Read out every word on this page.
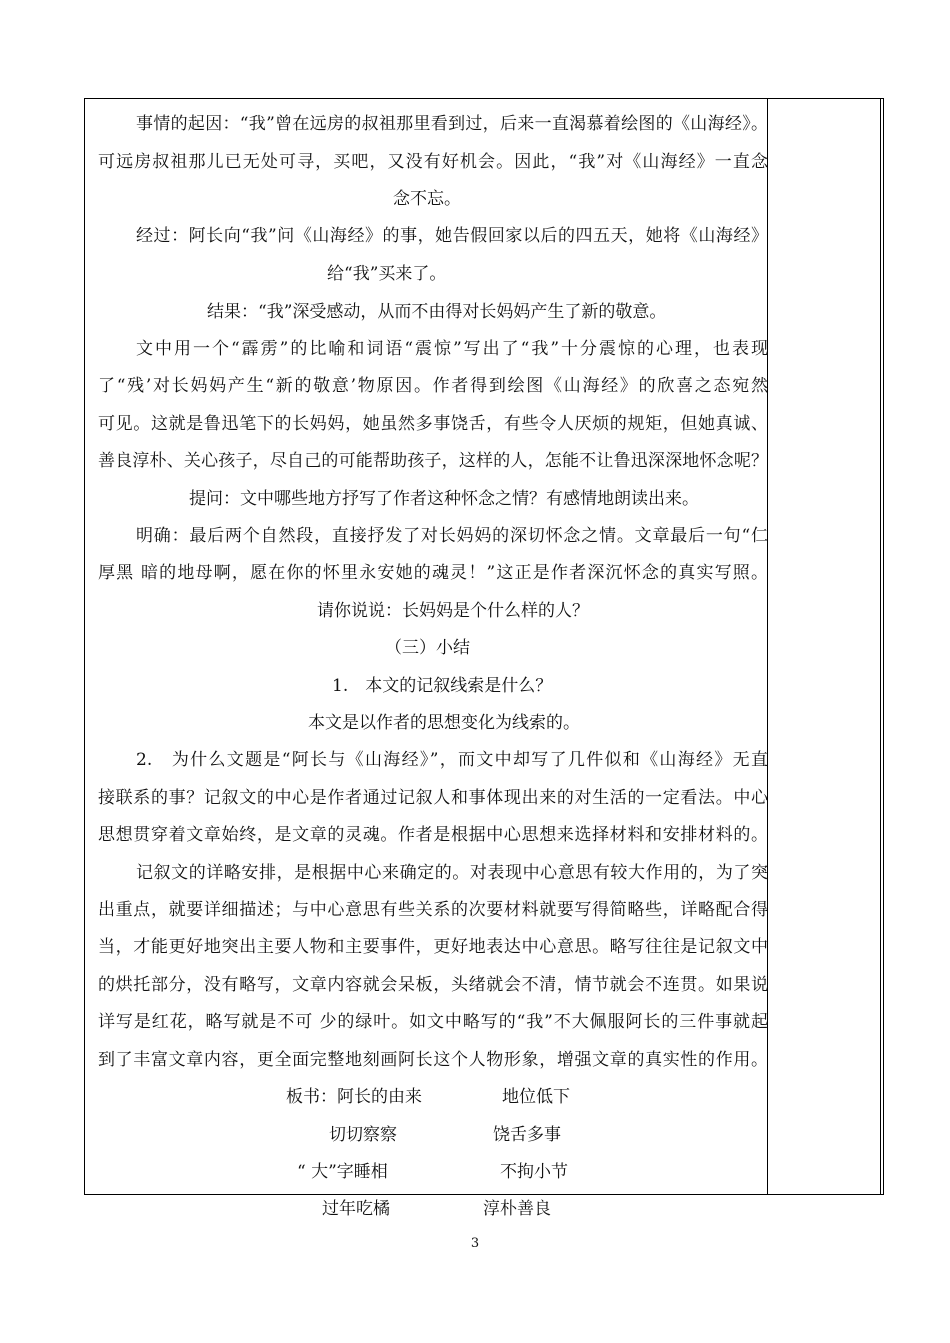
事情的起因：“我”曾在远房的叔祖那里看到过，后来一直渴慕着绘图的《山海经》。
可远房叔祖那儿已无处可寻，买吧，又没有好机会。因此，“我”对《山海经》一直念
念不忘。
经过：阿长向“我”问《山海经》的事，她告假回家以后的四五天，她将《山海经》
给“我”买来了。
结果：“我”深受感动，从而不由得对长妈妈产生了新的敬意。
文中用一个“霹雳”的比喻和词语“震惊”写出了“我”十分震惊的心理，也表现
了“残’对长妈妈产生“新的敬意’物原因。作者得到绘图《山海经》的欣喜之态宛然
可见。这就是鲁迅笔下的长妈妈，她虽然多事饶舌，有些令人厌烦的规矩，但她真诚、
善良淳朴、关心孩子，尽自己的可能帮助孩子，这样的人，怎能不让鲁迅深深地怀念呢？
提问：文中哪些地方抒写了作者这种怀念之情？有感情地朗读出来。
明确：最后两个自然段，直接抒发了对长妈妈的深切怀念之情。文章最后一句“仁
厚黑 暗的地母啊，愿在你的怀里永安她的魂灵！”这正是作者深沉怀念的真实写照。
请你说说：长妈妈是个什么样的人？
（三）小结
1.　本文的记叙线索是什么？
本文是以作者的思想变化为线索的。
2.　为什么文题是“阿长与《山海经》”，而文中却写了几件似和《山海经》无直
接联系的事？记叙文的中心是作者通过记叙人和事体现出来的对生活的一定看法。中心
思想贯穿着文章始终，是文章的灵魂。作者是根据中心思想来选择材料和安排材料的。
记叙文的详略安排，是根据中心来确定的。对表现中心意思有较大作用的，为了突
出重点，就要详细描述；与中心意思有些关系的次要材料就要写得简略些，详略配合得
当，才能更好地突出主要人物和主要事件，更好地表达中心意思。略写往往是记叙文中
的烘托部分，没有略写，文章内容就会呆板，头绪就会不清，情节就会不连贯。如果说
详写是红花，略写就是不可 少的绿叶。如文中略写的“我”不大佩服阿长的三件事就起
到了丰富文章内容，更全面完整地刻画阿长这个人物形象，增强文章的真实性的作用。
板书：阿长的由来	地位低下
切切察察	饶舌多事
“ 大”字睡相	不拘小节
过年吃橘	淳朴善良
3
